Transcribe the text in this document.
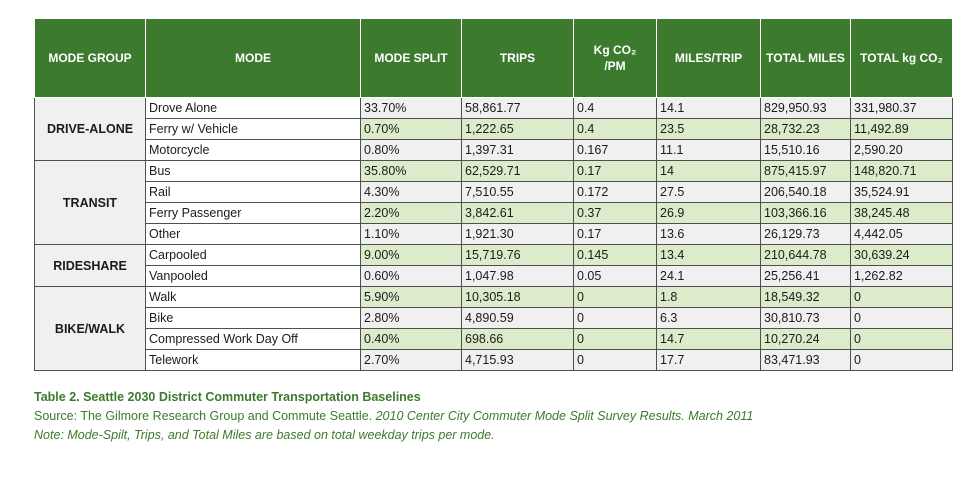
MODE GROUP	MODE	MODE SPLIT	TRIPS	Kg CO₂ /PM	MILES/TRIP	TOTAL MILES	TOTAL kg CO₂
DRIVE-ALONE	Drove Alone	33.70%	58,861.77	0.4	14.1	829,950.93	331,980.37
	Ferry w/ Vehicle	0.70%	1,222.65	0.4	23.5	28,732.23	11,492.89
	Motorcycle	0.80%	1,397.31	0.167	11.1	15,510.16	2,590.20
TRANSIT	Bus	35.80%	62,529.71	0.17	14	875,415.97	148,820.71
	Rail	4.30%	7,510.55	0.172	27.5	206,540.18	35,524.91
	Ferry Passenger	2.20%	3,842.61	0.37	26.9	103,366.16	38,245.48
	Other	1.10%	1,921.30	0.17	13.6	26,129.73	4,442.05
RIDESHARE	Carpooled	9.00%	15,719.76	0.145	13.4	210,644.78	30,639.24
	Vanpooled	0.60%	1,047.98	0.05	24.1	25,256.41	1,262.82
BIKE/WALK	Walk	5.90%	10,305.18	0	1.8	18,549.32	0
	Bike	2.80%	4,890.59	0	6.3	30,810.73	0
	Compressed Work Day Off	0.40%	698.66	0	14.7	10,270.24	0
	Telework	2.70%	4,715.93	0	17.7	83,471.93	0
Table 2. Seattle 2030 District Commuter Transportation Baselines
Source: The Gilmore Research Group and Commute Seattle. 2010 Center City Commuter Mode Split Survey Results. March 2011
Note: Mode-Spilt, Trips, and Total Miles are based on total weekday trips per mode.
